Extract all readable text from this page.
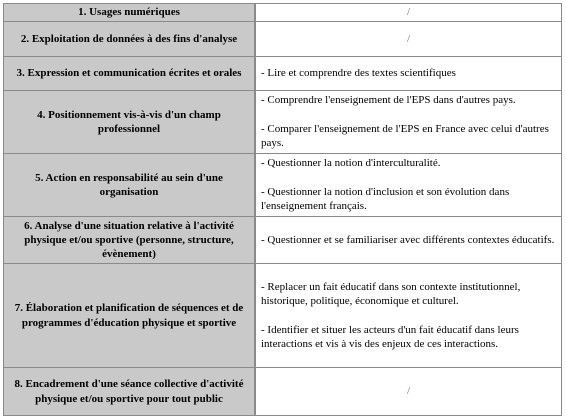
1. Usages numériques	/
2. Exploitation de données à des fins d'analyse	/
3. Expression et communication écrites et orales	- Lire et comprendre des textes scientifiques

4. Positionnement vis-à-vis d'un champ professionnel	- Comprendre l'enseignement de l'EPS dans d'autres pays.
- Comparer l'enseignement de l'EPS en France avec celui d'autres pays.

5. Action en responsabilité au sein d'une organisation	- Questionner la notion d'interculturalité.
- Questionner la notion d'inclusion et son évolution dans l'enseignement français.

6. Analyse d'une situation relative à l'activité physique et/ou sportive (personne, structure, évènement)	- Questionner et se familiariser avec différents contextes éducatifs.

7. Élaboration et planification de séquences et de programmes d'éducation physique et sportive	- Replacer un fait éducatif dans son contexte institutionnel, historique, politique, économique et culturel.
- Identifier et situer les acteurs d'un fait éducatif dans leurs interactions et vis à vis des enjeux de ces interactions.

8. Encadrement d'une séance collective d'activité physique et/ou sportive pour tout public	/
